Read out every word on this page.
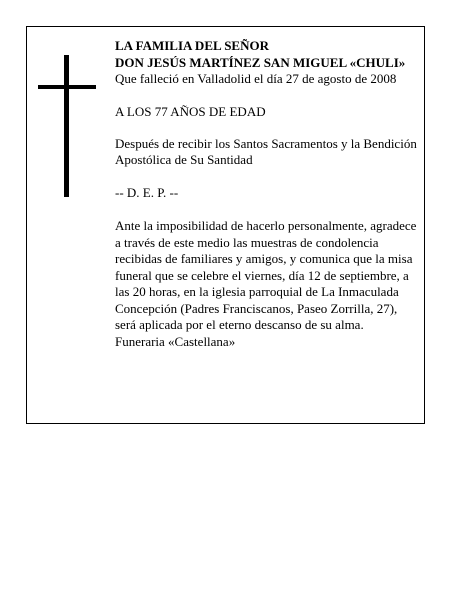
LA FAMILIA DEL SEÑOR

DON JESÚS MARTÍNEZ SAN MIGUEL «CHULI»

Que falleció en Valladolid el día 27 de agosto de 2008

A LOS 77 AÑOS DE EDAD

Después de recibir los Santos Sacramentos y la Bendición Apostólica de Su Santidad

-- D. E. P. --

Ante la imposibilidad de hacerlo personalmente, agradece a través de este medio las muestras de condolencia recibidas de familiares y amigos, y comunica que la misa funeral que se celebre el viernes, día 12 de septiembre, a las 20 horas, en la iglesia parroquial de La Inmaculada Concepción (Padres Franciscanos, Paseo Zorrilla, 27), será aplicada por el eterno descanso de su alma.

Funeraria «Castellana»
